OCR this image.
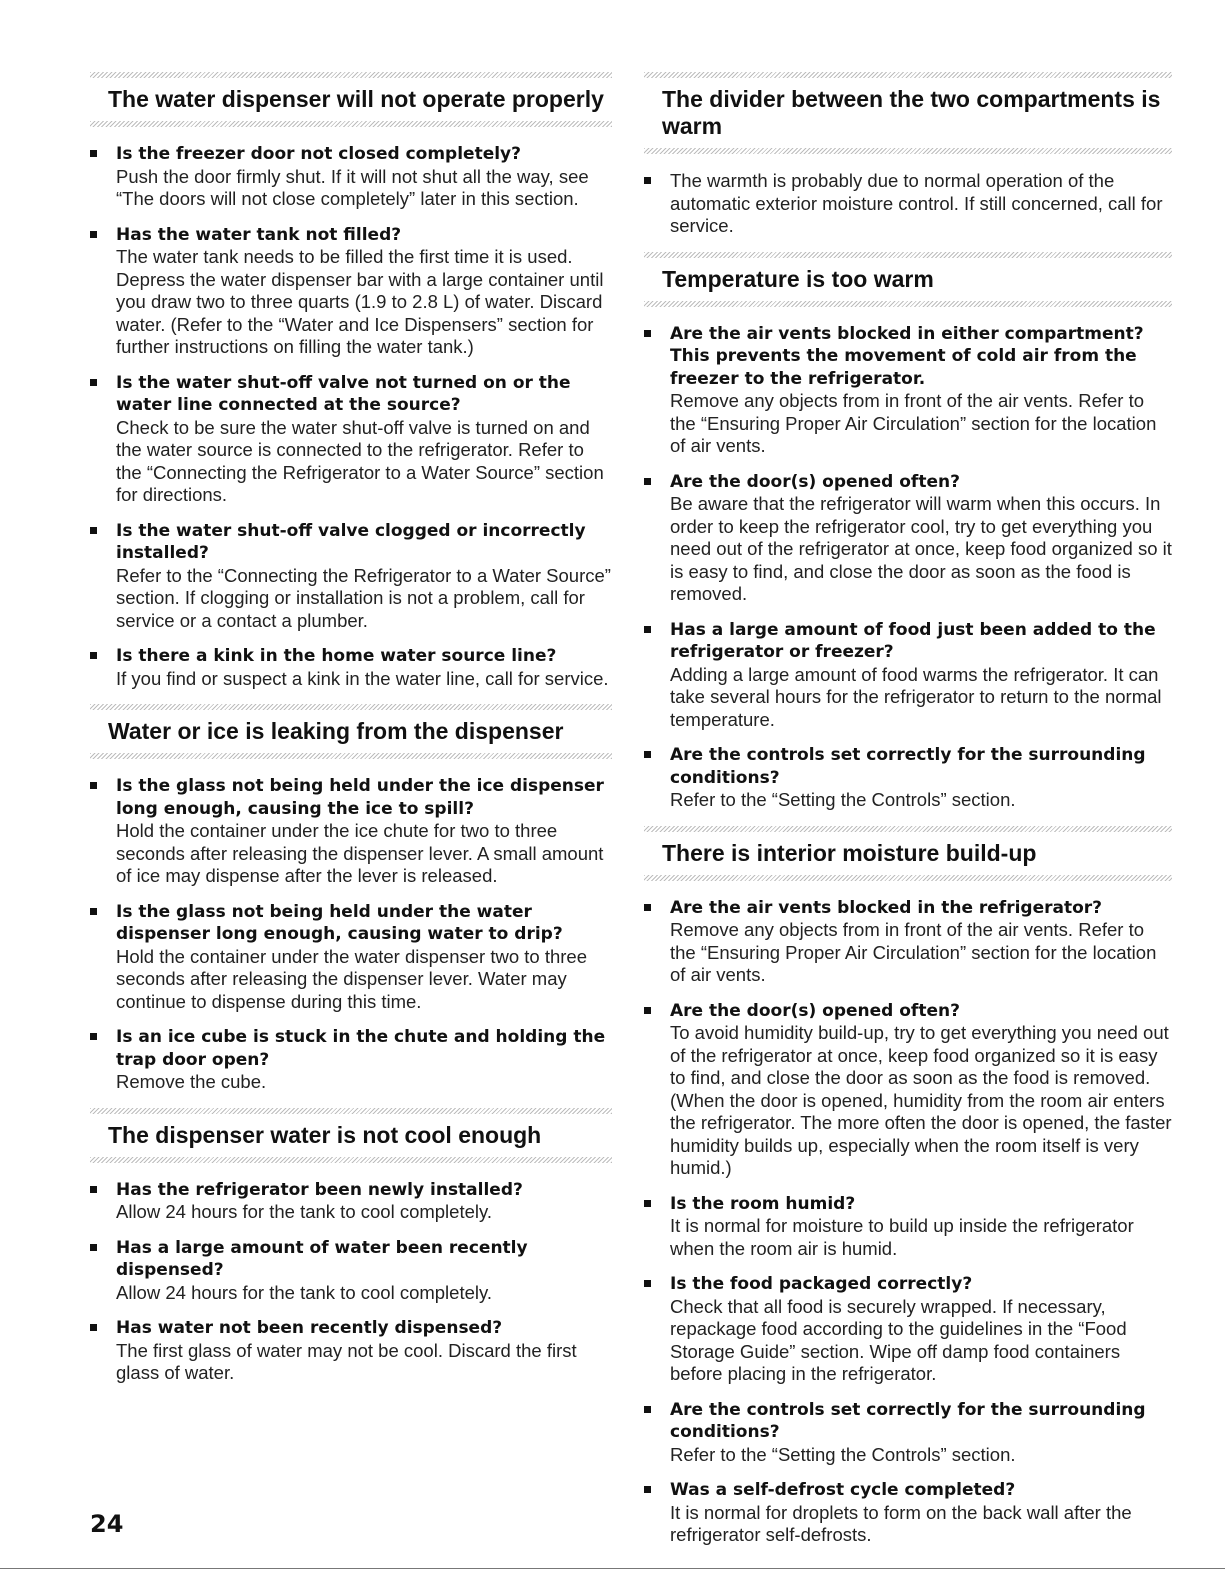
The water dispenser will not operate properly
Is the freezer door not closed completely?
Push the door firmly shut. If it will not shut all the way, see “The doors will not close completely” later in this section.
Has the water tank not filled?
The water tank needs to be filled the first time it is used. Depress the water dispenser bar with a large container until you draw two to three quarts (1.9 to 2.8 L) of water. Discard water. (Refer to the “Water and Ice Dispensers” section for further instructions on filling the water tank.)
Is the water shut-off valve not turned on or the water line connected at the source?
Check to be sure the water shut-off valve is turned on and the water source is connected to the refrigerator. Refer to the “Connecting the Refrigerator to a Water Source” section for directions.
Is the water shut-off valve clogged or incorrectly installed?
Refer to the “Connecting the Refrigerator to a Water Source” section. If clogging or installation is not a problem, call for service or a contact a plumber.
Is there a kink in the home water source line?
If you find or suspect a kink in the water line, call for service.
Water or ice is leaking from the dispenser
Is the glass not being held under the ice dispenser long enough, causing the ice to spill?
Hold the container under the ice chute for two to three seconds after releasing the dispenser lever. A small amount of ice may dispense after the lever is released.
Is the glass not being held under the water dispenser long enough, causing water to drip?
Hold the container under the water dispenser two to three seconds after releasing the dispenser lever. Water may continue to dispense during this time.
Is an ice cube is stuck in the chute and holding the trap door open?
Remove the cube.
The dispenser water is not cool enough
Has the refrigerator been newly installed?
Allow 24 hours for the tank to cool completely.
Has a large amount of water been recently dispensed?
Allow 24 hours for the tank to cool completely.
Has water not been recently dispensed?
The first glass of water may not be cool. Discard the first glass of water.
The divider between the two compartments is warm
The warmth is probably due to normal operation of the automatic exterior moisture control. If still concerned, call for service.
Temperature is too warm
Are the air vents blocked in either compartment? This prevents the movement of cold air from the freezer to the refrigerator.
Remove any objects from in front of the air vents. Refer to the “Ensuring Proper Air Circulation” section for the location of air vents.
Are the door(s) opened often?
Be aware that the refrigerator will warm when this occurs. In order to keep the refrigerator cool, try to get everything you need out of the refrigerator at once, keep food organized so it is easy to find, and close the door as soon as the food is removed.
Has a large amount of food just been added to the refrigerator or freezer?
Adding a large amount of food warms the refrigerator. It can take several hours for the refrigerator to return to the normal temperature.
Are the controls set correctly for the surrounding conditions?
Refer to the “Setting the Controls” section.
There is interior moisture build-up
Are the air vents blocked in the refrigerator?
Remove any objects from in front of the air vents. Refer to the “Ensuring Proper Air Circulation” section for the location of air vents.
Are the door(s) opened often?
To avoid humidity build-up, try to get everything you need out of the refrigerator at once, keep food organized so it is easy to find, and close the door as soon as the food is removed. (When the door is opened, humidity from the room air enters the refrigerator. The more often the door is opened, the faster humidity builds up, especially when the room itself is very humid.)
Is the room humid?
It is normal for moisture to build up inside the refrigerator when the room air is humid.
Is the food packaged correctly?
Check that all food is securely wrapped. If necessary, repackage food according to the guidelines in the “Food Storage Guide” section. Wipe off damp food containers before placing in the refrigerator.
Are the controls set correctly for the surrounding conditions?
Refer to the “Setting the Controls” section.
Was a self-defrost cycle completed?
It is normal for droplets to form on the back wall after the refrigerator self-defrosts.
24
